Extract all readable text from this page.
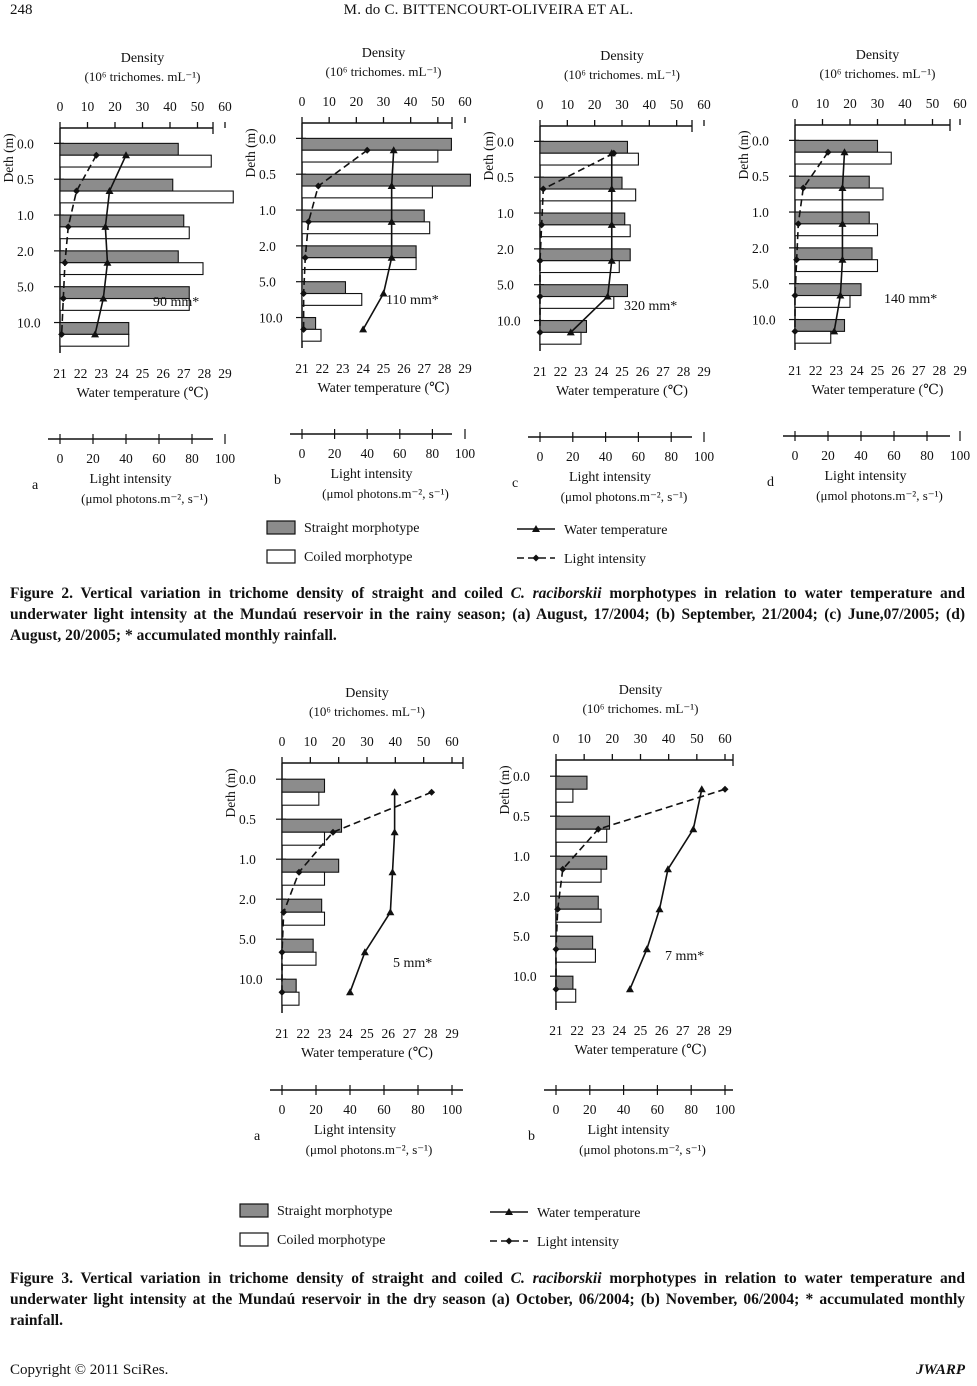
248	M. do C. BITTENCOURT-OLIVEIRA ET AL.
Density
(10⁶ trichomes. mL⁻¹)
0 10 20 30 40 50 60
Deth (m) 0.0
0.5
1.0
2.0
5.0
10.0
90 mm*
21 22 23 24 25 26 27 28 29
Water temperature (℃)
0 20 40 60 80 100
a	Light intensity
(μmol photons.m⁻², s⁻¹)
Density
(10⁶ trichomes. mL⁻¹)
0 10 20 30 40 50 60
Deth (m) 0.0
0.5
1.0
2.0
5.0
10.0
110 mm*
21 22 23 24 25 26 27 28 29
Water temperature (℃)
0 20 40 60 80 100
b	Light intensity
(μmol photons.m⁻², s⁻¹)
Density
(10⁶ trichomes. mL⁻¹)
0 10 20 30 40 50 60
Deth (m) 0.0
0.5
1.0
2.0
5.0
10.0
320 mm*
21 22 23 24 25 26 27 28 29
Water temperature (℃)
0 20 40 60 80 100
c	Light intensity
(μmol photons.m⁻², s⁻¹)
Density
(10⁶ trichomes. mL⁻¹)
0 10 20 30 40 50 60
Deth (m) 0.0
0.5
1.0
2.0
5.0
10.0
140 mm*
21 22 23 24 25 26 27 28 29
Water temperature (℃)
0 20 40 60 80 100
d	Light intensity
(μmol photons.m⁻², s⁻¹)
Straight morphotype
Coiled morphotype
Water temperature
Light intensity
Figure 2. Vertical variation in trichome density of straight and coiled C. raciborskii morphotypes in relation to water temperature and underwater light intensity at the Mundaú reservoir in the rainy season; (a) August, 17/2004; (b) September, 21/2004; (c) June,07/2005; (d) August, 20/2005; * accumulated monthly rainfall.
Density
(10⁶ trichomes. mL⁻¹)
0 10 20 30 40 50 60
Deth (m) 0.0
0.5
1.0
2.0
5.0
10.0
5 mm*
21 22 23 24 25 26 27 28 29
Water temperature (℃)
0 20 40 60 80 100
a	Light intensity
(μmol photons.m⁻², s⁻¹)
Density
(10⁶ trichomes. mL⁻¹)
0 10 20 30 40 50 60
Deth (m) 0.0
0.5
1.0
2.0
5.0
10.0
7 mm*
21 22 23 24 25 26 27 28 29
Water temperature (℃)
0 20 40 60 80 100
b	Light intensity
(μmol photons.m⁻², s⁻¹)
Straight morphotype
Coiled morphotype
Water temperature
Light intensity
Figure 3. Vertical variation in trichome density of straight and coiled C. raciborskii morphotypes in relation to water temperature and underwater light intensity at the Mundaú reservoir in the dry season (a) October, 06/2004; (b) November, 06/2004; * accumulated monthly rainfall.
Copyright © 2011 SciRes.	JWARP
